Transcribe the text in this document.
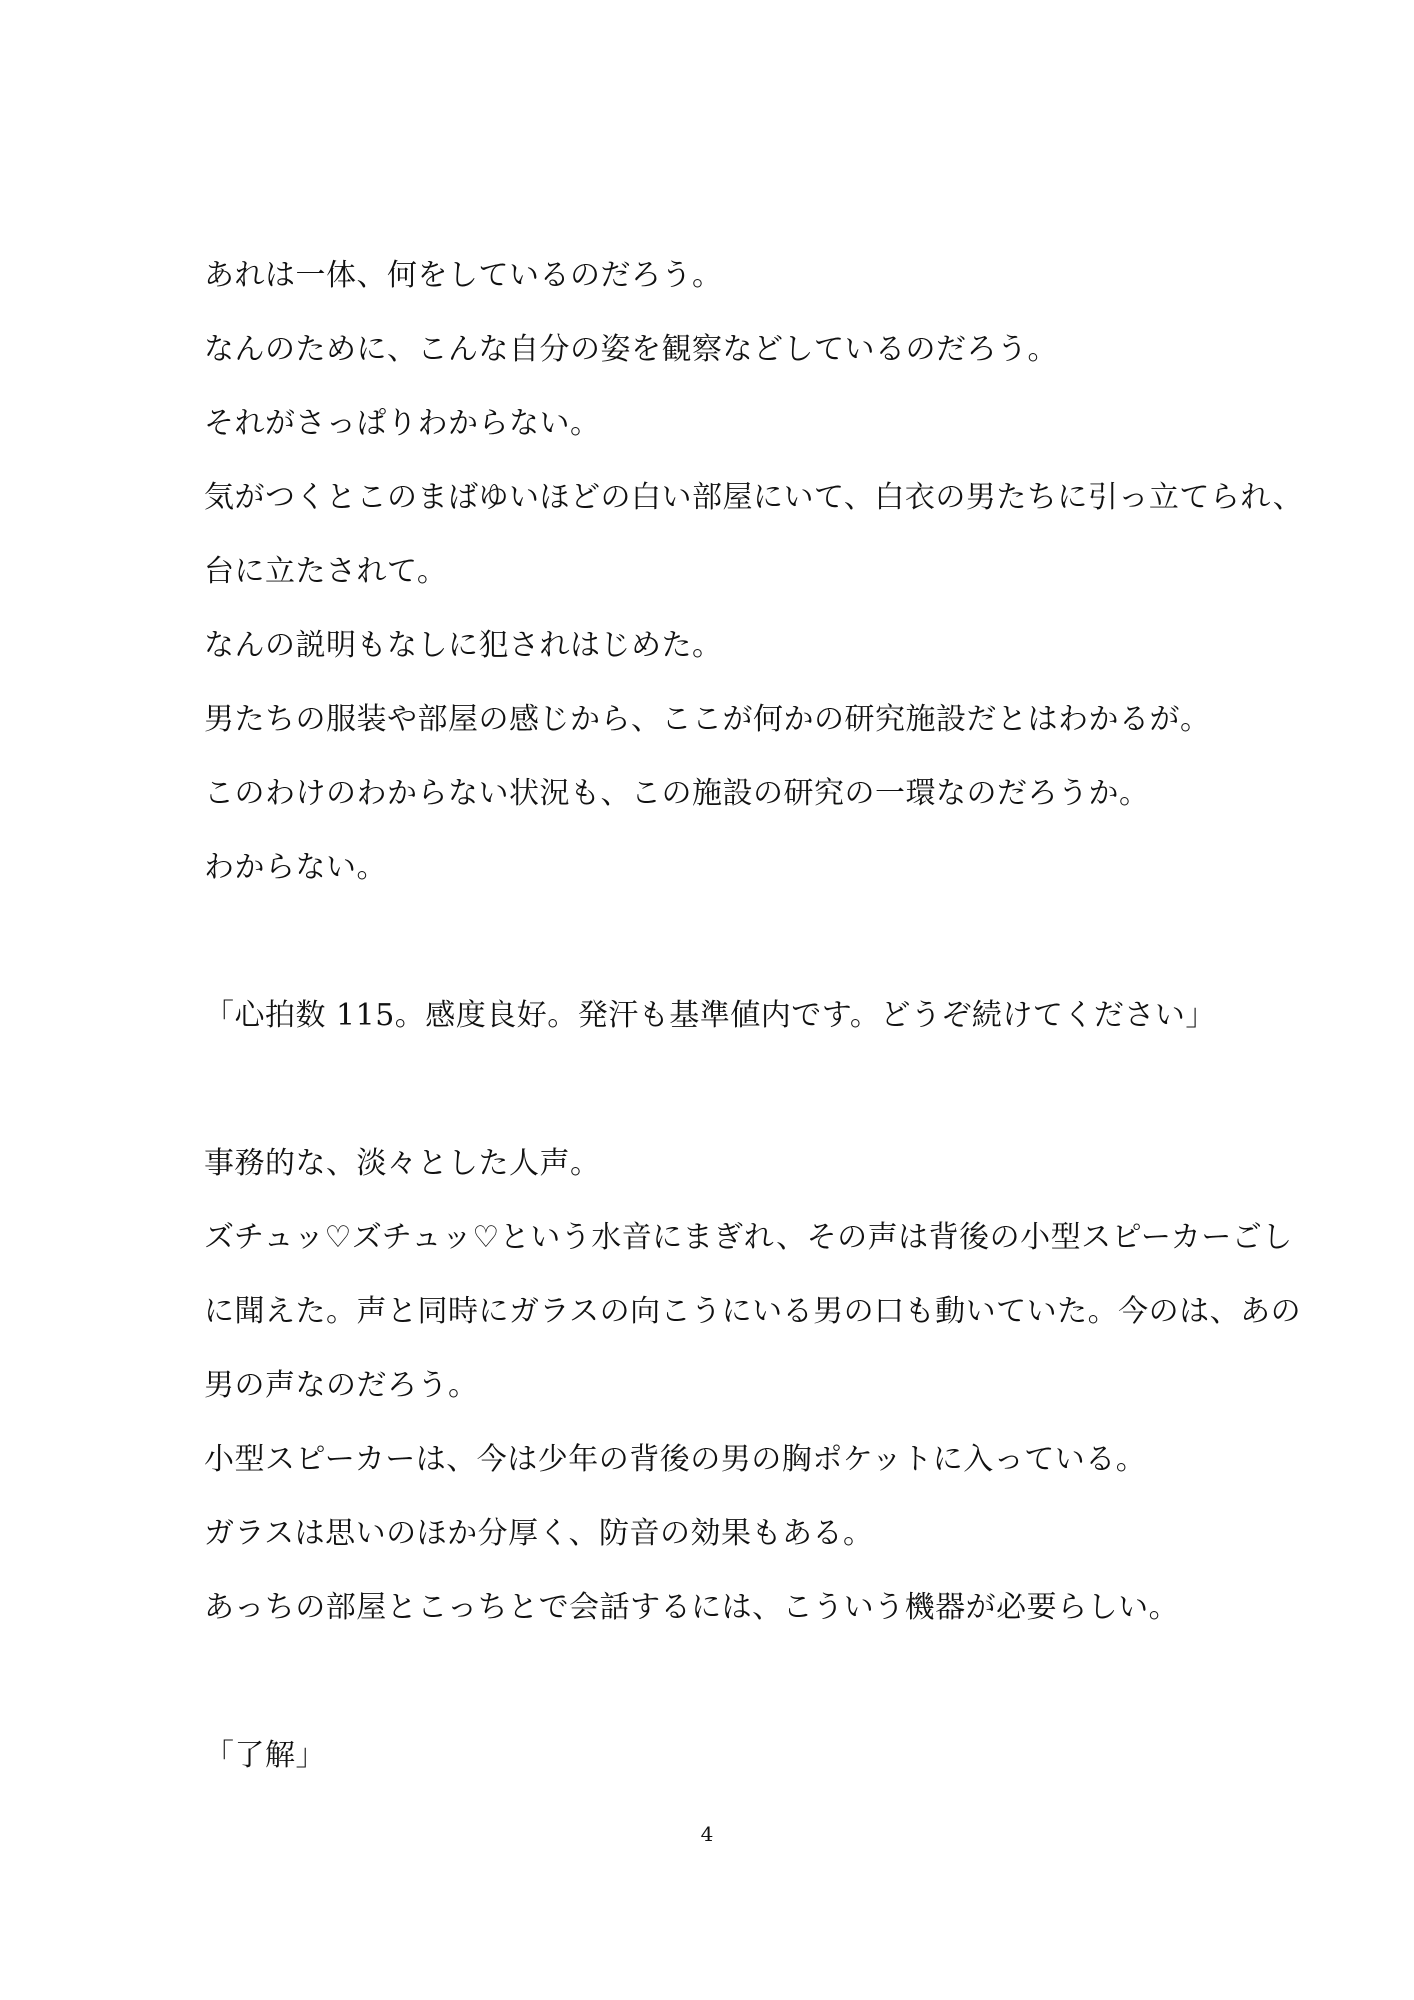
あれは一体、何をしているのだろう。
なんのために、こんな自分の姿を観察などしているのだろう。
それがさっぱりわからない。
気がつくとこのまばゆいほどの白い部屋にいて、白衣の男たちに引っ立てられ、
台に立たされて。
なんの説明もなしに犯されはじめた。
男たちの服装や部屋の感じから、ここが何かの研究施設だとはわかるが。
このわけのわからない状況も、この施設の研究の一環なのだろうか。
わからない。
「心拍数 115。感度良好。発汗も基準値内です。どうぞ続けてください」
事務的な、淡々とした人声。
ズチュッ♡ズチュッ♡という水音にまぎれ、その声は背後の小型スピーカーごし
に聞えた。声と同時にガラスの向こうにいる男の口も動いていた。今のは、あの
男の声なのだろう。
小型スピーカーは、今は少年の背後の男の胸ポケットに入っている。
ガラスは思いのほか分厚く、防音の効果もある。
あっちの部屋とこっちとで会話するには、こういう機器が必要らしい。
「了解」
4
